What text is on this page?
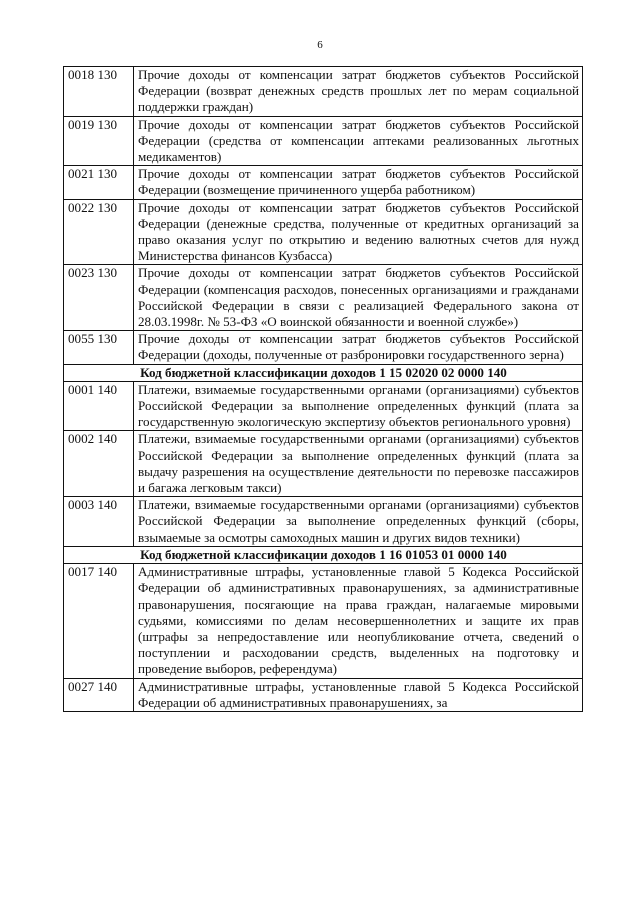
6
0018 130	Прочие доходы от компенсации затрат бюджетов субъектов Российской Федерации (возврат денежных средств прошлых лет по мерам социальной поддержки граждан)
0019 130	Прочие доходы от компенсации затрат бюджетов субъектов Российской Федерации (средства от компенсации аптеками реализованных льготных медикаментов)
0021 130	Прочие доходы от компенсации затрат бюджетов субъектов Российской Федерации (возмещение причиненного ущерба работником)
0022 130	Прочие доходы от компенсации затрат бюджетов субъектов Российской Федерации (денежные средства, полученные от кредитных организаций за право оказания услуг по открытию и ведению валютных счетов для нужд Министерства финансов Кузбасса)
0023 130	Прочие доходы от компенсации затрат бюджетов субъектов Российской Федерации (компенсация расходов, понесенных организациями и гражданами Российской Федерации в связи с реализацией Федерального закона от 28.03.1998г. № 53-ФЗ «О воинской обязанности и военной службе»)
0055 130	Прочие доходы от компенсации затрат бюджетов субъектов Российской Федерации (доходы, полученные от разбронировки государственного зерна)
Код бюджетной классификации доходов 1 15 02020 02 0000 140	
0001 140	Платежи, взимаемые государственными органами (организациями) субъектов Российской Федерации за выполнение определенных функций (плата за государственную экологическую экспертизу объектов регионального уровня)
0002 140	Платежи, взимаемые государственными органами (организациями) субъектов Российской Федерации за выполнение определенных функций (плата за выдачу разрешения на осуществление деятельности по перевозке пассажиров и багажа легковым такси)
0003 140	Платежи, взимаемые государственными органами (организациями) субъектов Российской Федерации за выполнение определенных функций (сборы, взымаемые за осмотры самоходных машин и других видов техники)
Код бюджетной классификации доходов 1 16 01053 01 0000 140	
0017 140	Административные штрафы, установленные главой 5 Кодекса Российской Федерации об административных правонарушениях, за административные правонарушения, посягающие на права граждан, налагаемые мировыми судьями, комиссиями по делам несовершеннолетних и защите их прав (штрафы за непредоставление или неопубликование отчета, сведений о поступлении и расходовании средств, выделенных на подготовку и проведение выборов, референдума)
0027 140	Административные штрафы, установленные главой 5 Кодекса Российской Федерации об административных правонарушениях, за
